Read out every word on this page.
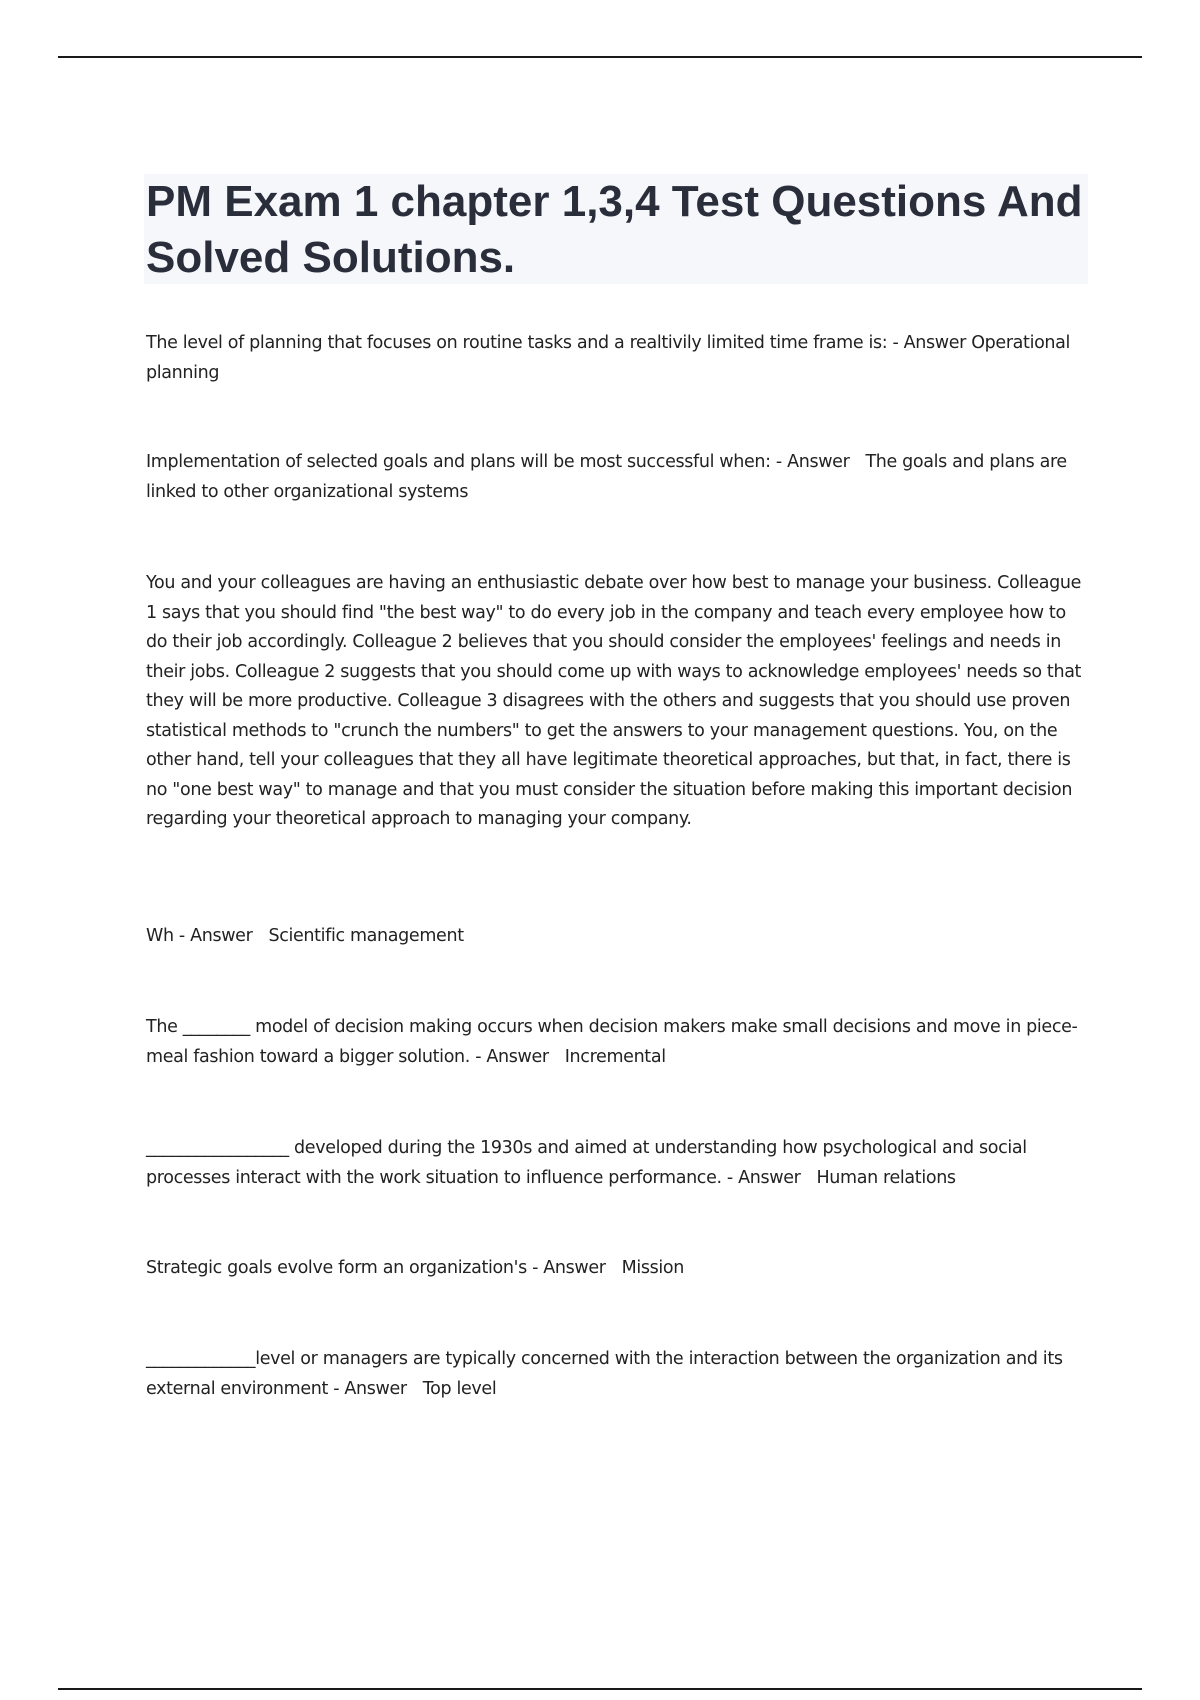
PM Exam 1 chapter 1,3,4 Test Questions And Solved Solutions.

The level of planning that focuses on routine tasks and a realtivily limited time frame is: - Answer Operational planning

Implementation of selected goals and plans will be most successful when: - Answer The goals and plans are linked to other organizational systems

You and your colleagues are having an enthusiastic debate over how best to manage your business. Colleague 1 says that you should find "the best way" to do every job in the company and teach every employee how to do their job accordingly. Colleague 2 believes that you should consider the employees' feelings and needs in their jobs. Colleague 2 suggests that you should come up with ways to acknowledge employees' needs so that they will be more productive. Colleague 3 disagrees with the others and suggests that you should use proven statistical methods to "crunch the numbers" to get the answers to your management questions. You, on the other hand, tell your colleagues that they all have legitimate theoretical approaches, but that, in fact, there is no "one best way" to manage and that you must consider the situation before making this important decision regarding your theoretical approach to managing your company.

Wh - Answer Scientific management

The ________ model of decision making occurs when decision makers make small decisions and move in piece-meal fashion toward a bigger solution. - Answer Incremental

_________________ developed during the 1930s and aimed at understanding how psychological and social processes interact with the work situation to influence performance. - Answer Human relations

Strategic goals evolve form an organization's - Answer Mission

_____________level or managers are typically concerned with the interaction between the organization and its external environment - Answer Top level
